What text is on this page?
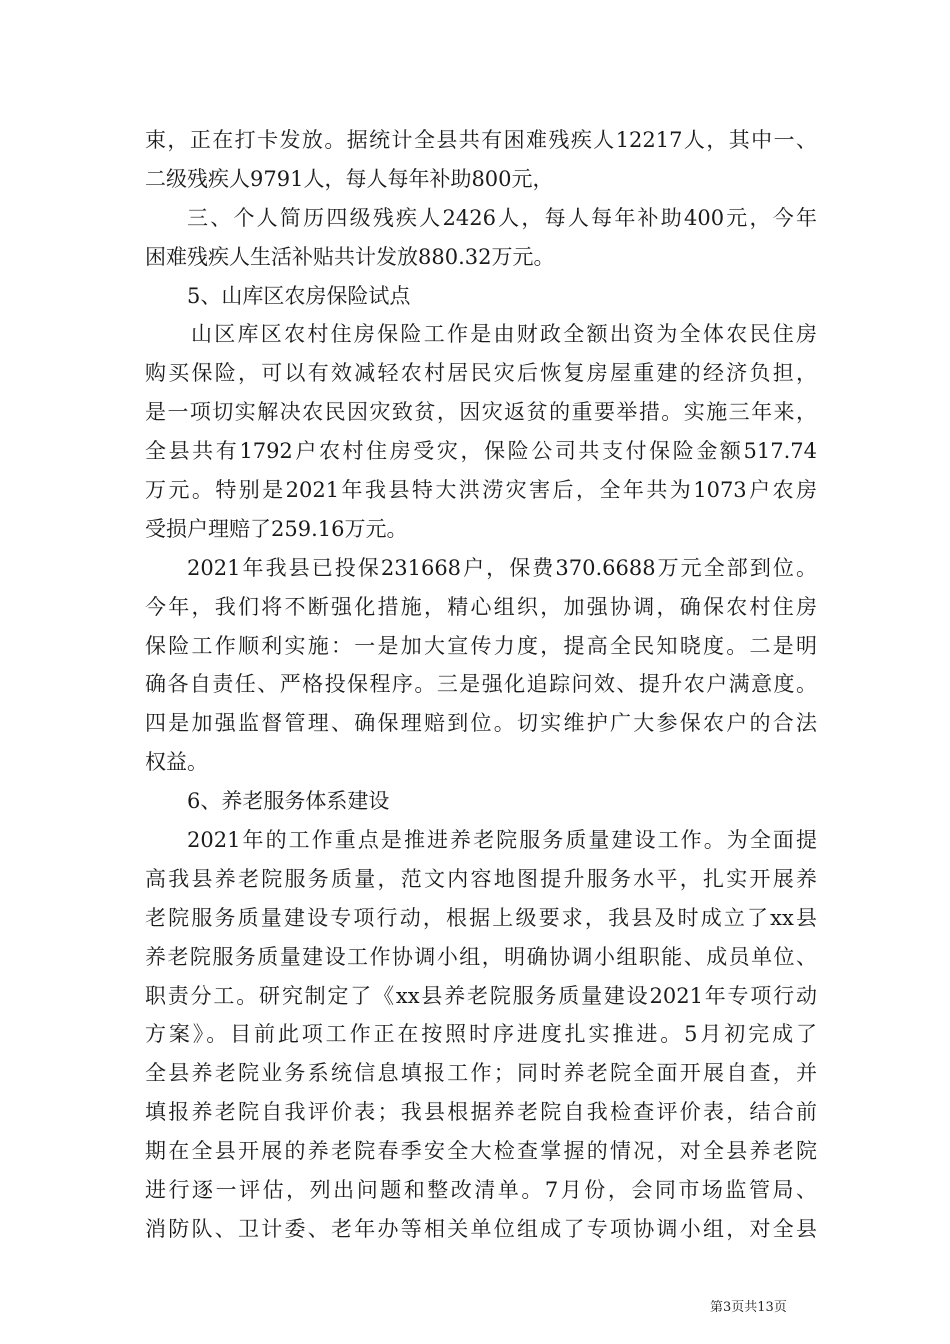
束，正在打卡发放。据统计全县共有困难残疾人12217人，其中一、
二级残疾人9791人，每人每年补助800元，
三、个人简历四级残疾人2426人，每人每年补助400元，今年
困难残疾人生活补贴共计发放880.32万元。
5、山库区农房保险试点
山区库区农村住房保险工作是由财政全额出资为全体农民住房
购买保险，可以有效减轻农村居民灾后恢复房屋重建的经济负担，
是一项切实解决农民因灾致贫，因灾返贫的重要举措。实施三年来，
全县共有1792户农村住房受灾，保险公司共支付保险金额517.74
万元。特别是2021年我县特大洪涝灾害后，全年共为1073户农房
受损户理赔了259.16万元。
2021年我县已投保231668户，保费370.6688万元全部到位。
今年，我们将不断强化措施，精心组织，加强协调，确保农村住房
保险工作顺利实施：一是加大宣传力度，提高全民知晓度。二是明
确各自责任、严格投保程序。三是强化追踪问效、提升农户满意度。
四是加强监督管理、确保理赔到位。切实维护广大参保农户的合法
权益。
6、养老服务体系建设
2021年的工作重点是推进养老院服务质量建设工作。为全面提
高我县养老院服务质量，范文内容地图提升服务水平，扎实开展养
老院服务质量建设专项行动，根据上级要求，我县及时成立了xx县
养老院服务质量建设工作协调小组，明确协调小组职能、成员单位、
职责分工。研究制定了《xx县养老院服务质量建设2021年专项行动
方案》。目前此项工作正在按照时序进度扎实推进。5月初完成了
全县养老院业务系统信息填报工作；同时养老院全面开展自查，并
填报养老院自我评价表；我县根据养老院自我检查评价表，结合前
期在全县开展的养老院春季安全大检查掌握的情况，对全县养老院
进行逐一评估，列出问题和整改清单。7月份，会同市场监管局、
消防队、卫计委、老年办等相关单位组成了专项协调小组，对全县
第3页共13页
